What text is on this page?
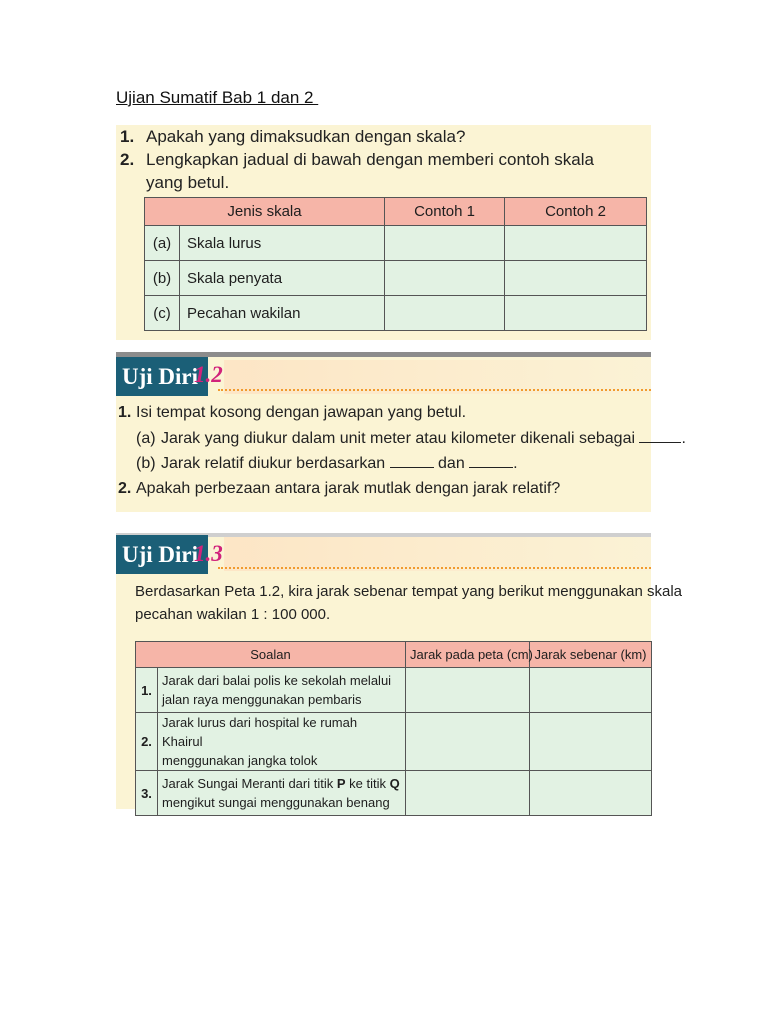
Ujian Sumatif Bab 1 dan 2
1. Apakah yang dimaksudkan dengan skala?
2. Lengkapkan jadual di bawah dengan memberi contoh skala
yang betul.
Jenis skala		Contoh 1	Contoh 2
(a)	Skala lurus		
(b)	Skala penyata		
(c)	Pecahan wakilan		
Uji Diri
1.2
1. Isi tempat kosong dengan jawapan yang betul.
(a) Jarak yang diukur dalam unit meter atau kilometer dikenali sebagai	.
(b) Jarak relatif diukur berdasarkan	dan	.
2. Apakah perbezaan antara jarak mutlak dengan jarak relatif?
Uji Diri
1.3
Berdasarkan Peta 1.2, kira jarak sebenar tempat yang berikut menggunakan skala
pecahan wakilan 1 : 100 000.
Soalan		Jarak pada peta (cm)	Jarak sebenar (km)
1.	Jarak dari balai polis ke sekolah melalui
jalan raya menggunakan pembaris		
2.	Jarak lurus dari hospital ke rumah Khairul
menggunakan jangka tolok		
3.	Jarak Sungai Meranti dari titik P ke titik Q
mengikut sungai menggunakan benang		
